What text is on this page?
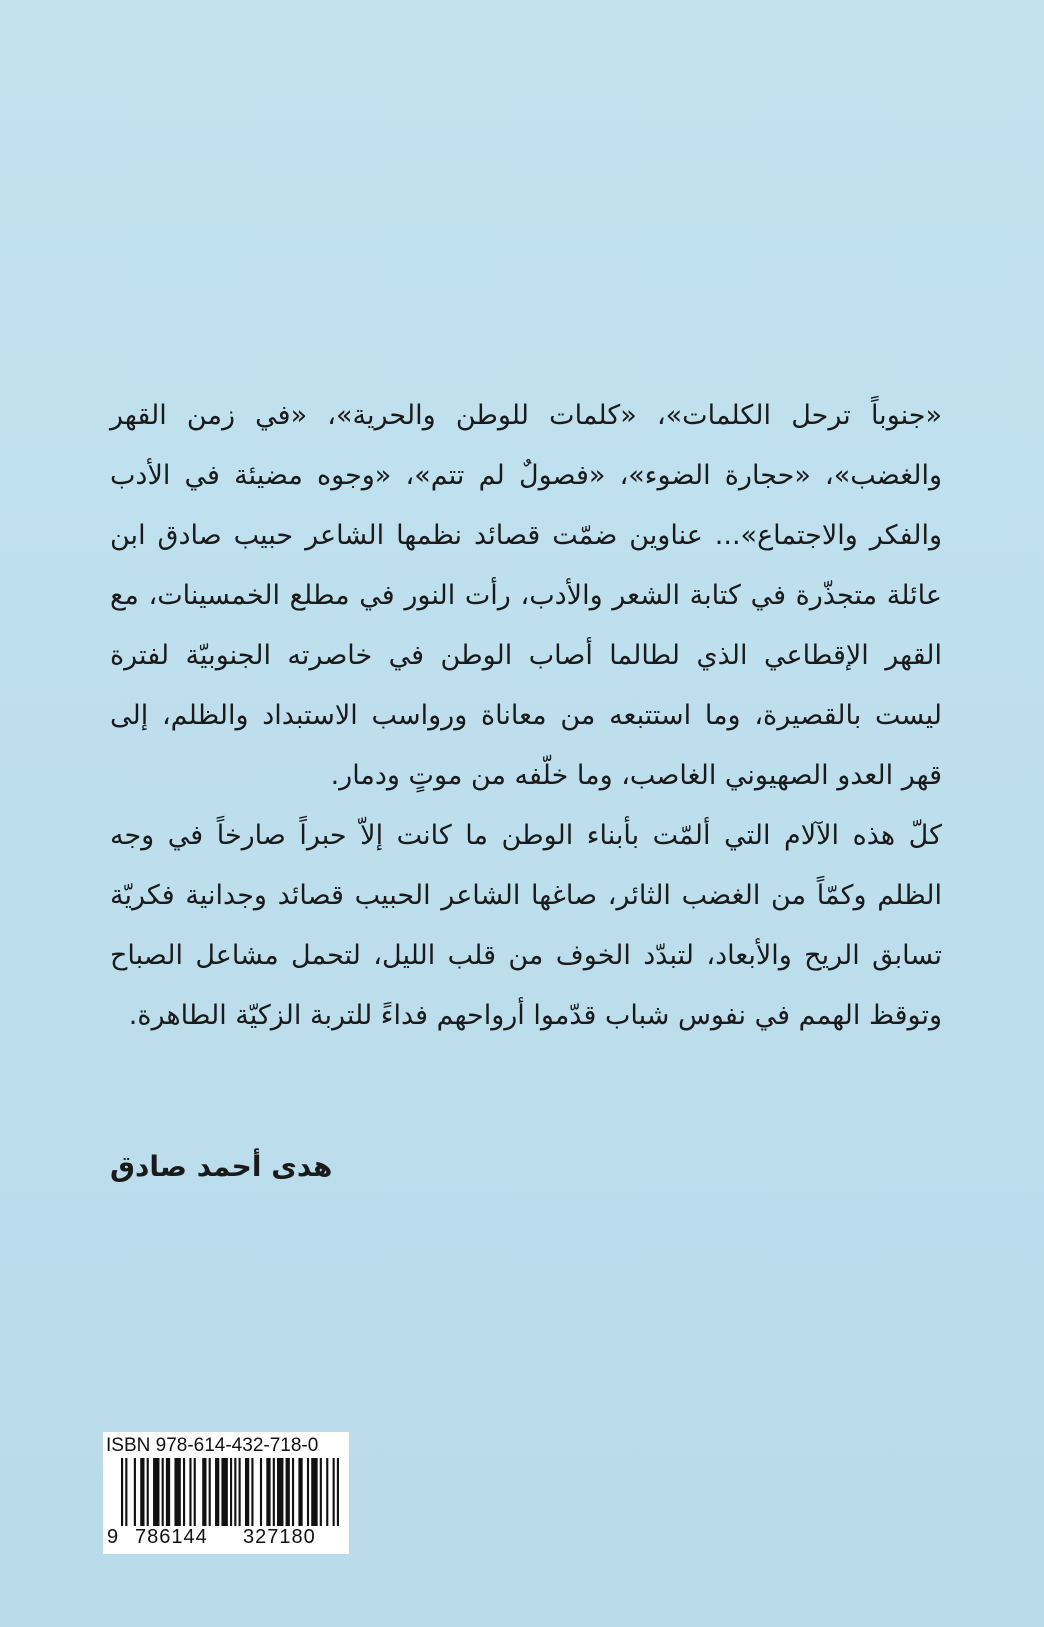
«جنوباً ترحل الكلمات»، «كلمات للوطن والحرية»، «في زمن القهر والغضب»، «حجارة الضوء»، «فصولٌ لم تتم»، «وجوه مضيئة في الأدب والفكر والاجتماع»... عناوين ضمّت قصائد نظمها الشاعر حبيب صادق ابن عائلة متجذّرة في كتابة الشعر والأدب، رأت النور في مطلع الخمسينات، مع القهر الإقطاعي الذي لطالما أصاب الوطن في خاصرته الجنوبيّة لفترة ليست بالقصيرة، وما استتبعه من معاناة ورواسب الاستبداد والظلم، إلى قهر العدو الصهيوني الغاصب، وما خلّفه من موتٍ ودمار.

كلّ هذه الآلام التي ألمّت بأبناء الوطن ما كانت إلاّ حبراً صارخاً في وجه الظلم وكمّاً من الغضب الثائر، صاغها الشاعر الحبيب قصائد وجدانية فكريّة تسابق الريح والأبعاد، لتبدّد الخوف من قلب الليل، لتحمل مشاعل الصباح وتوقظ الهمم في نفوس شباب قدّموا أرواحهم فداءً للتربة الزكيّة الطاهرة.

هدى أحمد صادق
ISBN 978-614-432-718-0
9 786144 327180
